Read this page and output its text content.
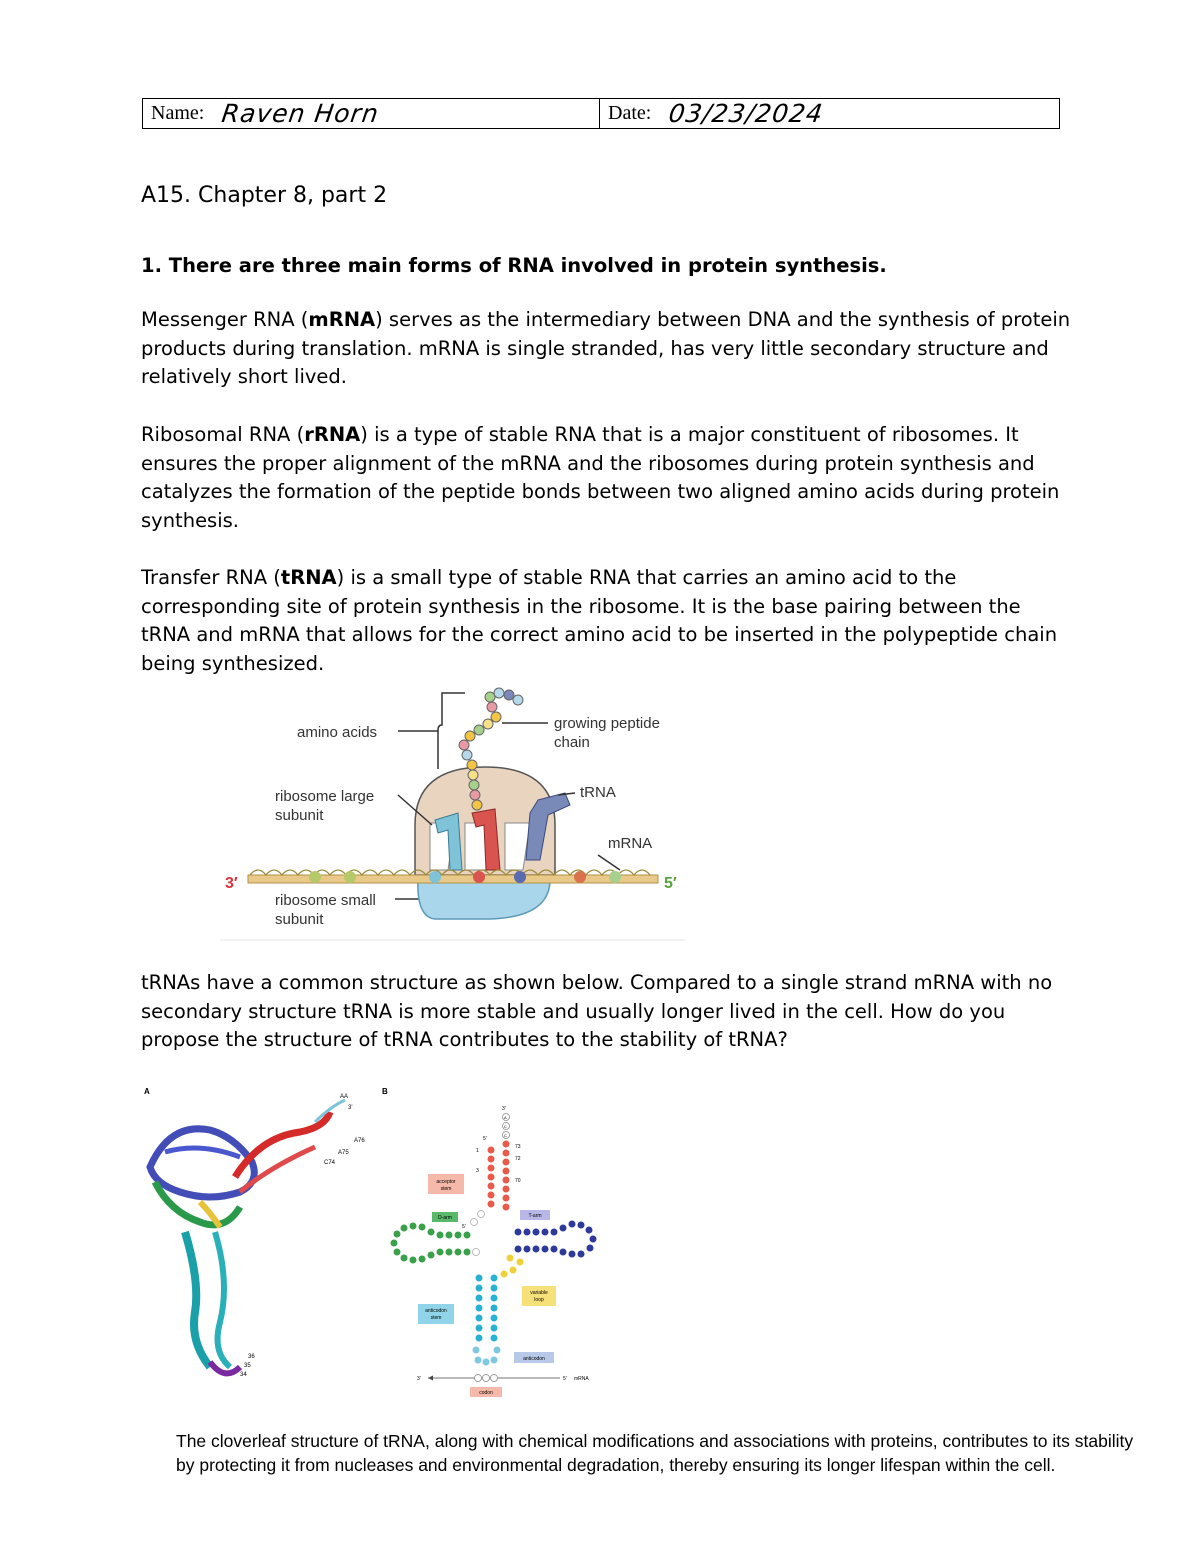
Name: Raven Horn	Date: 03/23/2024
A15. Chapter 8, part 2
1. There are three main forms of RNA involved in protein synthesis.
Messenger RNA (mRNA) serves as the intermediary between DNA and the synthesis of protein products during translation. mRNA is single stranded, has very little secondary structure and relatively short lived.
Ribosomal RNA (rRNA) is a type of stable RNA that is a major constituent of ribosomes. It ensures the proper alignment of the mRNA and the ribosomes during protein synthesis and catalyzes the formation of the peptide bonds between two aligned amino acids during protein synthesis.
Transfer RNA (tRNA) is a small type of stable RNA that carries an amino acid to the corresponding site of protein synthesis in the ribosome. It is the base pairing between the tRNA and mRNA that allows for the correct amino acid to be inserted in the polypeptide chain being synthesized.
amino acids
growing peptide
chain
ribosome large
subunit
tRNA
mRNA
3′	5′
ribosome small
subunit
tRNAs have a common structure as shown below. Compared to a single strand mRNA with no secondary structure tRNA is more stable and usually longer lived in the cell. How do you propose the structure of tRNA contributes to the stability of tRNA?
A	B
AA
3'
A76
A75
C74
36
35
34
3'
5'
1
3
73
72
70
A
C
C
acceptor
stem
D-arm	T-arm
variable
loop
anticodon
stem
anticodon
3'	5' mRNA
codon
5'
The cloverleaf structure of tRNA, along with chemical modifications and associations with proteins, contributes to its stability by protecting it from nucleases and environmental degradation, thereby ensuring its longer lifespan within the cell.
